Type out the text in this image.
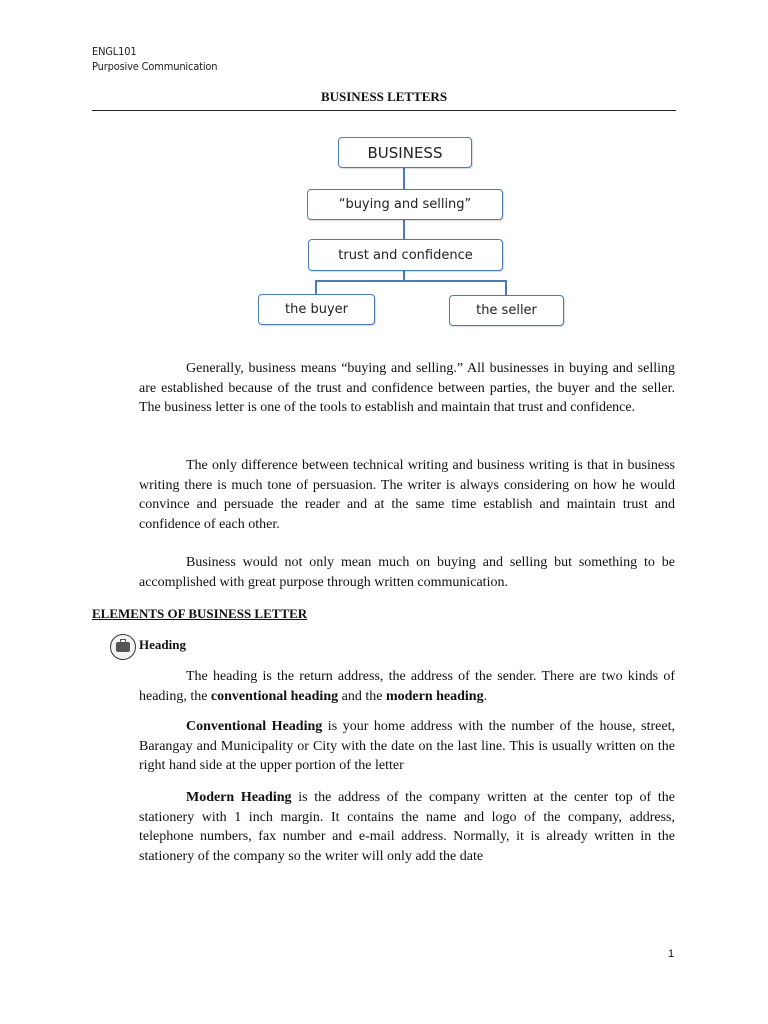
ENGL101
Purposive Communication
BUSINESS LETTERS
BUSINESS
“buying and selling”
trust and confidence
the buyer	the seller

Generally, business means “buying and selling.” All businesses in buying and selling are established because of the trust and confidence between parties, the buyer and the seller. The business letter is one of the tools to establish and maintain that trust and confidence.

The only difference between technical writing and business writing is that in business writing there is much tone of persuasion. The writer is always considering on how he would convince and persuade the reader and at the same time establish and maintain trust and confidence of each other.

Business would not only mean much on buying and selling but something to be accomplished with great purpose through written communication.

ELEMENTS OF BUSINESS LETTER
Heading

The heading is the return address, the address of the sender. There are two kinds of heading, the conventional heading and the modern heading.

Conventional Heading is your home address with the number of the house, street, Barangay and Municipality or City with the date on the last line. This is usually written on the right hand side at the upper portion of the letter

Modern Heading is the address of the company written at the center top of the stationery with 1 inch margin. It contains the name and logo of the company, address, telephone numbers, fax number and e-mail address. Normally, it is already written in the stationery of the company so the writer will only add the date

1
